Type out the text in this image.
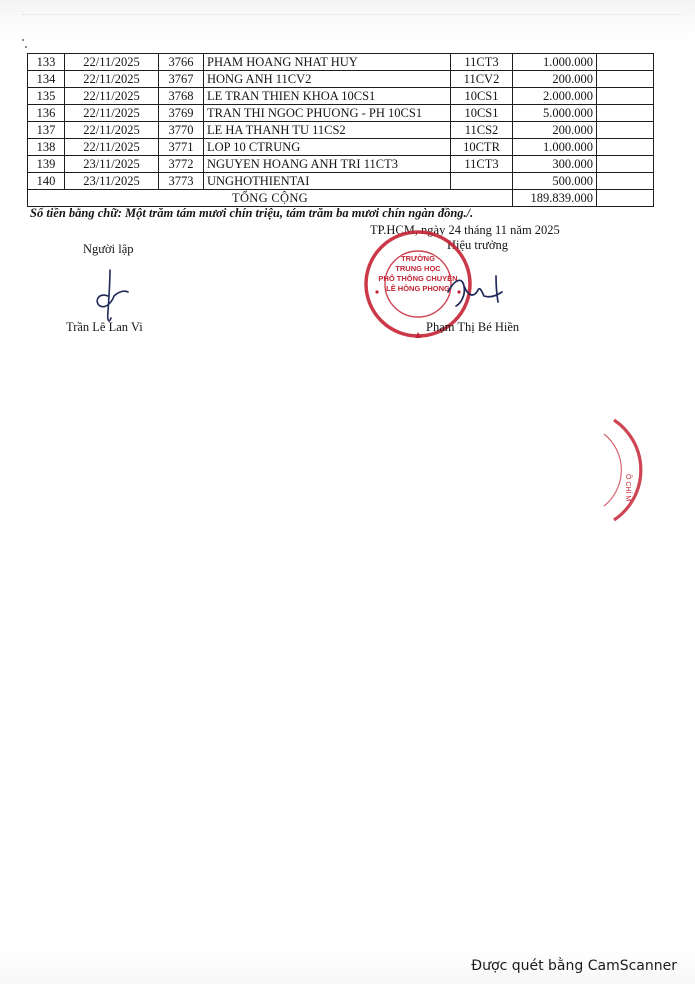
133	22/11/2025	3766	PHAM HOANG NHAT HUY	11CT3	1.000.000	
134	22/11/2025	3767	HONG ANH 11CV2	11CV2	200.000	
135	22/11/2025	3768	LE TRAN THIEN KHOA 10CS1	10CS1	2.000.000	
136	22/11/2025	3769	TRAN THI NGOC PHUONG - PH 10CS1	10CS1	5.000.000	
137	22/11/2025	3770	LE HA THANH TU 11CS2	11CS2	200.000	
138	22/11/2025	3771	LOP 10 CTRUNG	10CTR	1.000.000	
139	23/11/2025	3772	NGUYEN HOANG ANH TRI 11CT3	11CT3	300.000	
140	23/11/2025	3773	UNGHOTHIENTAI		500.000	
TỔNG CỘNG					189.839.000	
Số tiền bằng chữ: Một trăm tám mươi chín triệu, tám trăm ba mươi chín ngàn đồng./.
TP.HCM, ngày 24 tháng 11 năm 2025
Hiệu trưởng
Người lập
TRƯỜNG
TRUNG HỌC
PHỔ THÔNG CHUYÊN
LÊ HỒNG PHONG
Trần Lê Lan Vi	Phạm Thị Bé Hiền
Ồ CHÍ M
Được quét bằng CamScanner
